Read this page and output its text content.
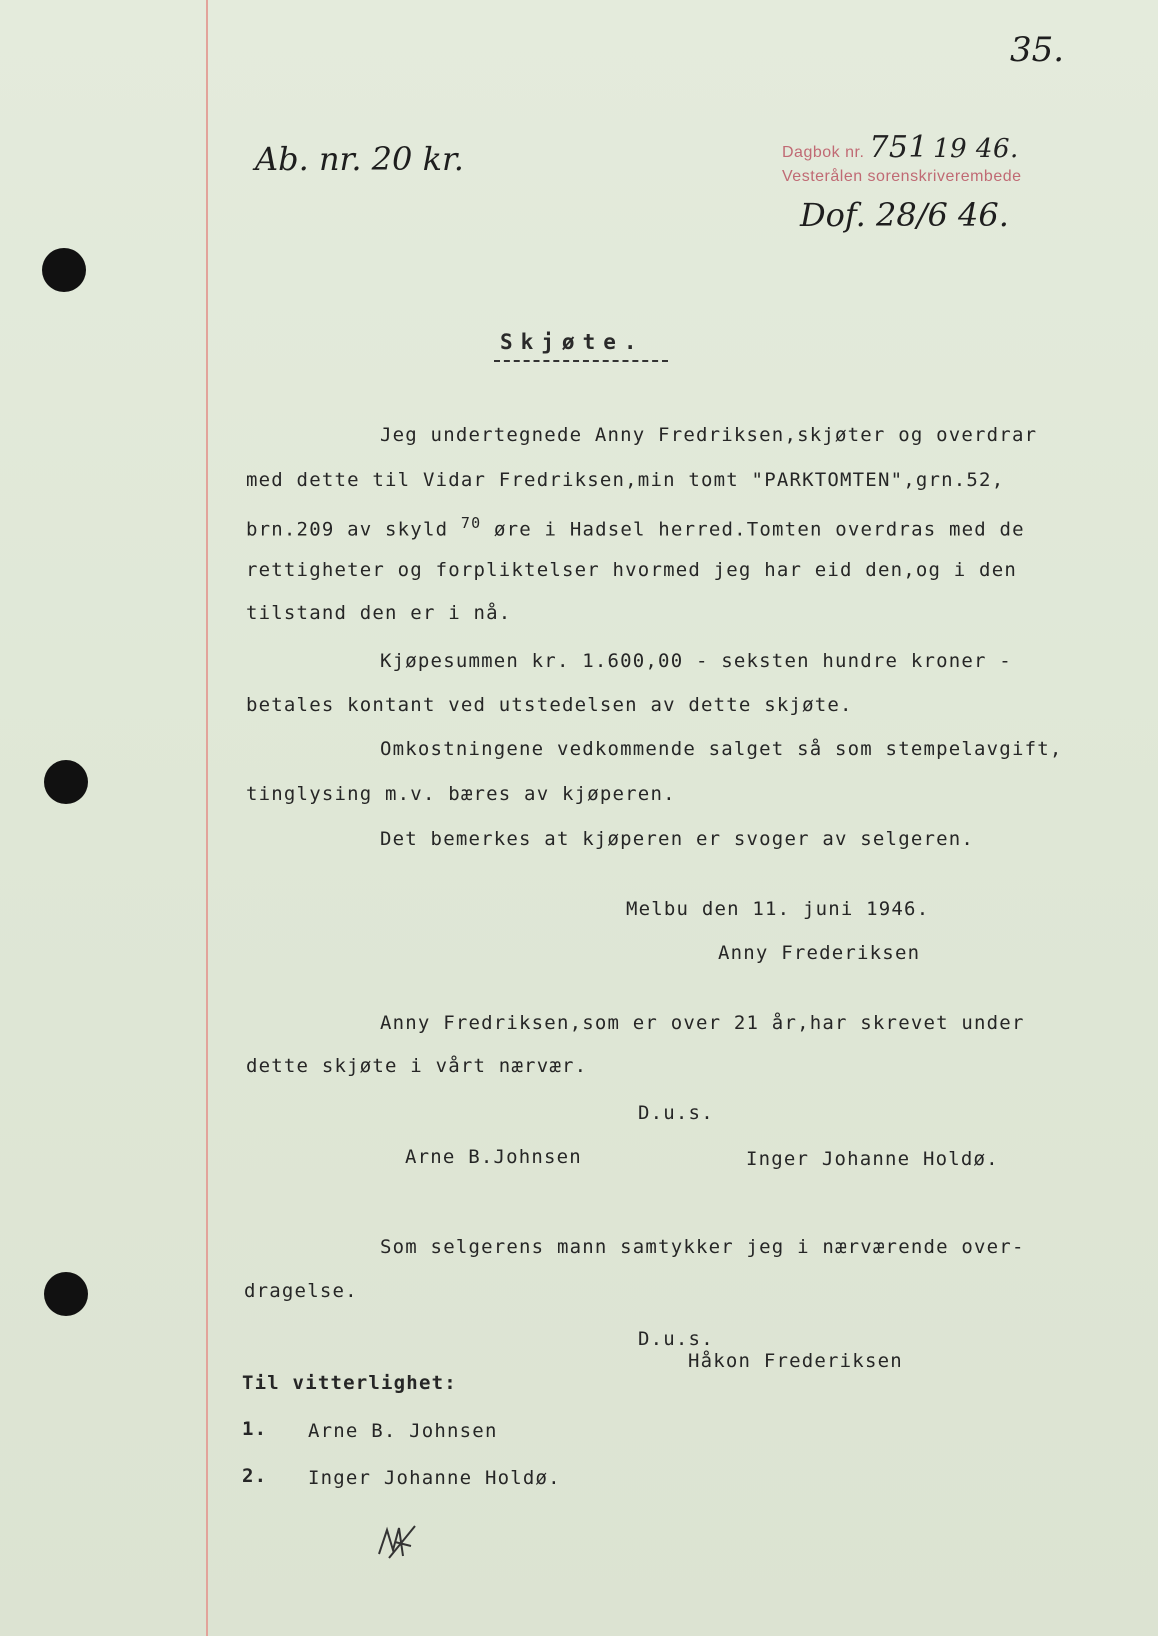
35.
Ab. nr. 20 kr.	Dagbok nr. 751 19 46.
Vesterålen sorenskriverembede
Dof. 28/6 46.
Skjøte.
Jeg undertegnede Anny Fredriksen,skjøter og overdrar
med dette til Vidar Fredriksen,min tomt "PARKTOMTEN",grn.52,
brn.209 av skyld $^{70}$ øre i Hadsel herred.Tomten overdras med de
rettigheter og forpliktelser hvormed jeg har eid den,og i den
tilstand den er i nå.
Kjøpesummen kr. 1.600,00 - seksten hundre kroner -
betales kontant ved utstedelsen av dette skjøte.
Omkostningene vedkommende salget så som stempelavgift,
tinglysing m.v. bæres av kjøperen.
Det bemerkes at kjøperen er svoger av selgeren.
Melbu den 11. juni 1946.
Anny Frederiksen
Anny Fredriksen,som er over 21 år,har skrevet under
dette skjøte i vårt nærvær.
D.u.s.
Arne B.Johnsen	Inger Johanne Holdø.
Som selgerens mann samtykker jeg i nærværende over-
dragelse.
D.u.s.
Håkon Frederiksen
Til vitterlighet:
1. Arne B. Johnsen
2. Inger Johanne Holdø.
